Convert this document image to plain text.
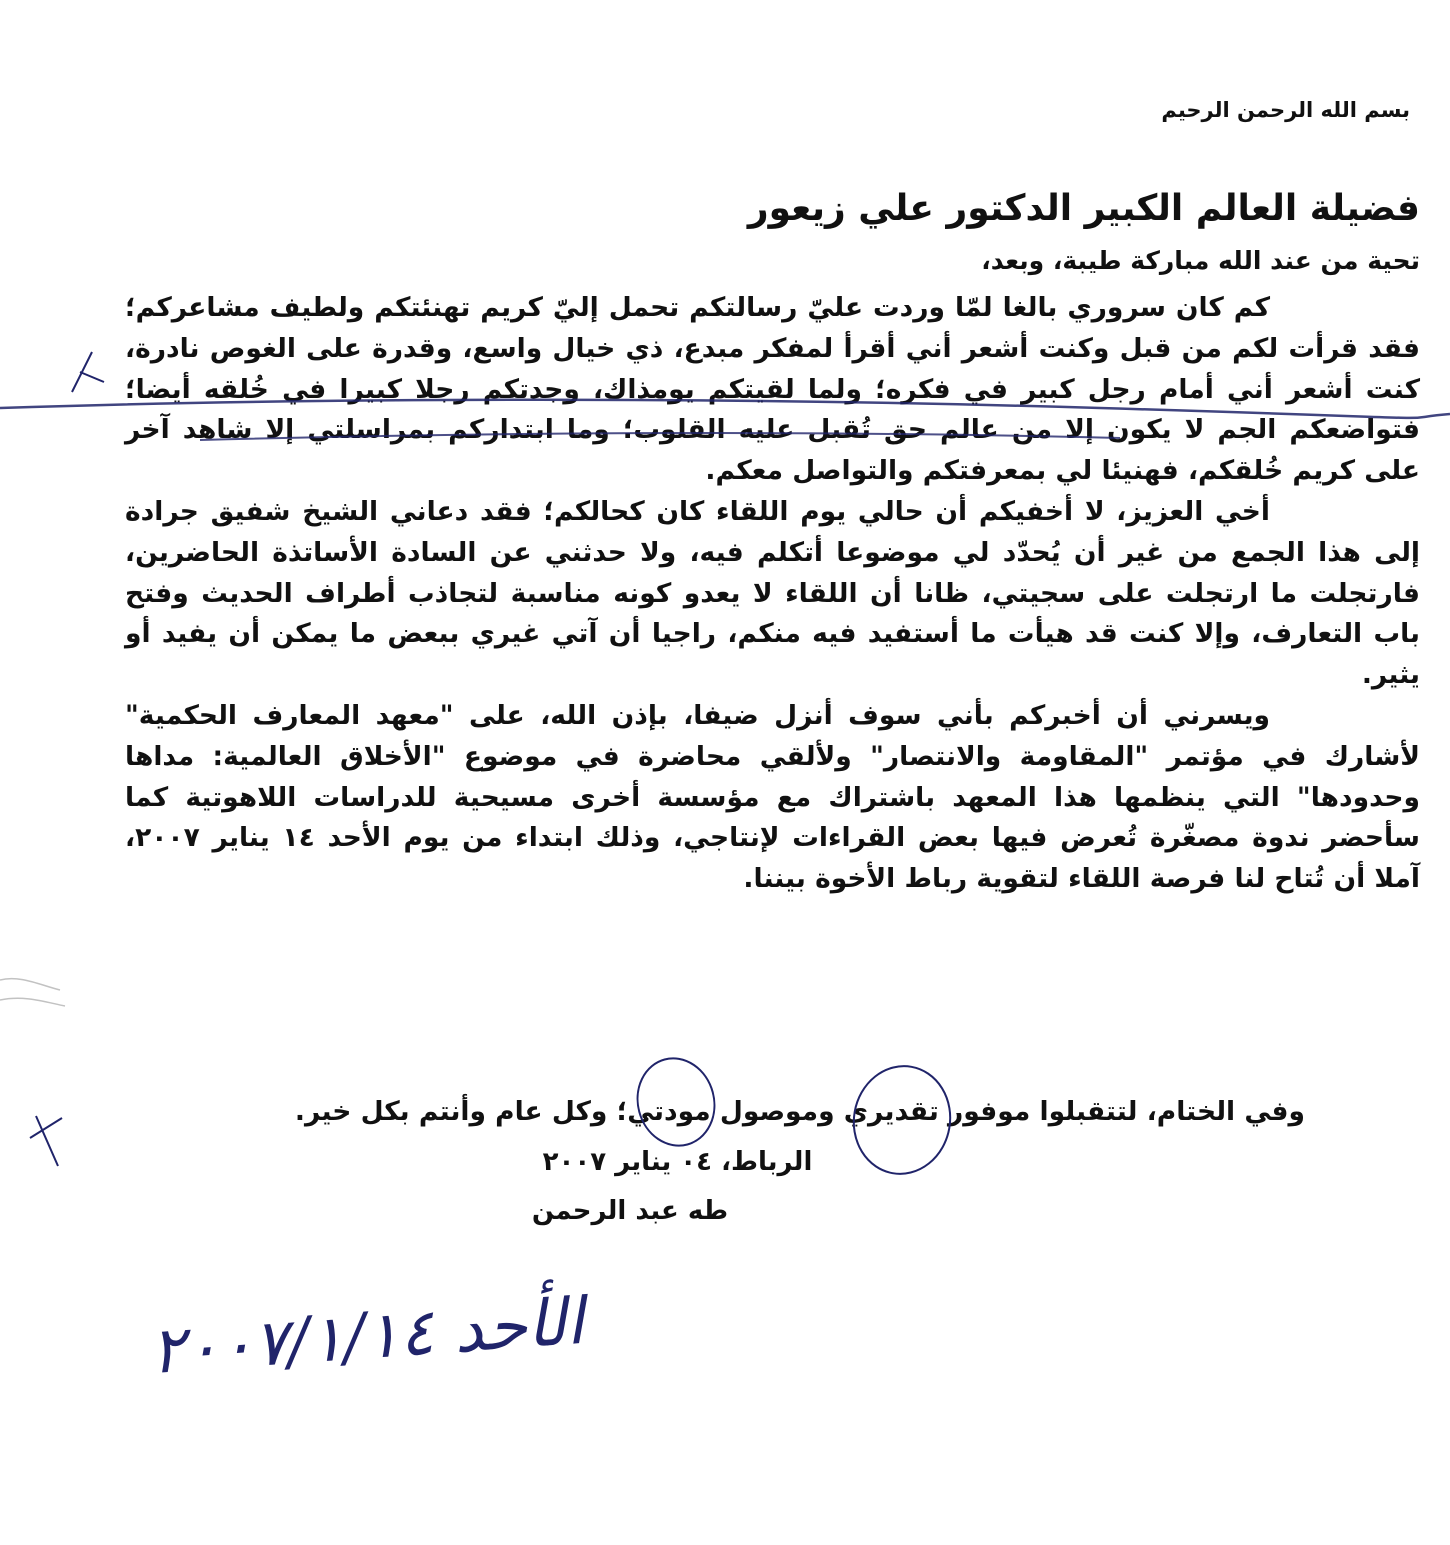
بسم الله الرحمن الرحيم
فضيلة العالم الكبير الدكتور علي زيعور
تحية من عند الله مباركة طيبة، وبعد،

كم كان سروري بالغا لمّا وردت عليّ رسالتكم تحمل إليّ كريم تهنئتكم ولطيف مشاعركم؛ فقد قرأت لكم من قبل وكنت أشعر أني أقرأ لمفكر مبدع، ذي خيال واسع، وقدرة على الغوص نادرة، كنت أشعر أني أمام رجل كبير في فكره؛ ولما لقيتكم يومذاك، وجدتكم رجلا كبيرا في خُلقه أيضا؛ فتواضعكم الجم لا يكون إلا من عالم حق تُقبل عليه القلوب؛ وما ابتداركم بمراسلتي إلا شاهد آخر على كريم خُلقكم، فهنيئا لي بمعرفتكم والتواصل معكم.

أخي العزيز، لا أخفيكم أن حالي يوم اللقاء كان كحالكم؛ فقد دعاني الشيخ شفيق جرادة إلى هذا الجمع من غير أن يُحدّد لي موضوعا أتكلم فيه، ولا حدثني عن السادة الأساتذة الحاضرين، فارتجلت ما ارتجلت على سجيتي، ظانا أن اللقاء لا يعدو كونه مناسبة لتجاذب أطراف الحديث وفتح باب التعارف، وإلا كنت قد هيأت ما أستفيد فيه منكم، راجيا أن آتي غيري ببعض ما يمكن أن يفيد أو يثير.

ويسرني أن أخبركم بأني سوف أنزل ضيفا، بإذن الله، على "معهد المعارف الحكمية" لأشارك في مؤتمر "المقاومة والانتصار" ولألقي محاضرة في موضوع "الأخلاق العالمية: مداها وحدودها" التي ينظمها هذا المعهد باشتراك مع مؤسسة أخرى مسيحية للدراسات اللاهوتية كما سأحضر ندوة مصغّرة تُعرض فيها بعض القراءات لإنتاجي، وذلك ابتداء من يوم الأحد ١٤ يناير ٢٠٠٧، آملا أن تُتاح لنا فرصة اللقاء لتقوية رباط الأخوة بيننا.

وفي الختام، لتتقبلوا موفور تقديري وموصول مودتي؛ وكل عام وأنتم بكل خير.
الرباط، ٠٤ يناير ٢٠٠٧
طه عبد الرحمن
الأحد ٢٠٠٧/١/١٤
